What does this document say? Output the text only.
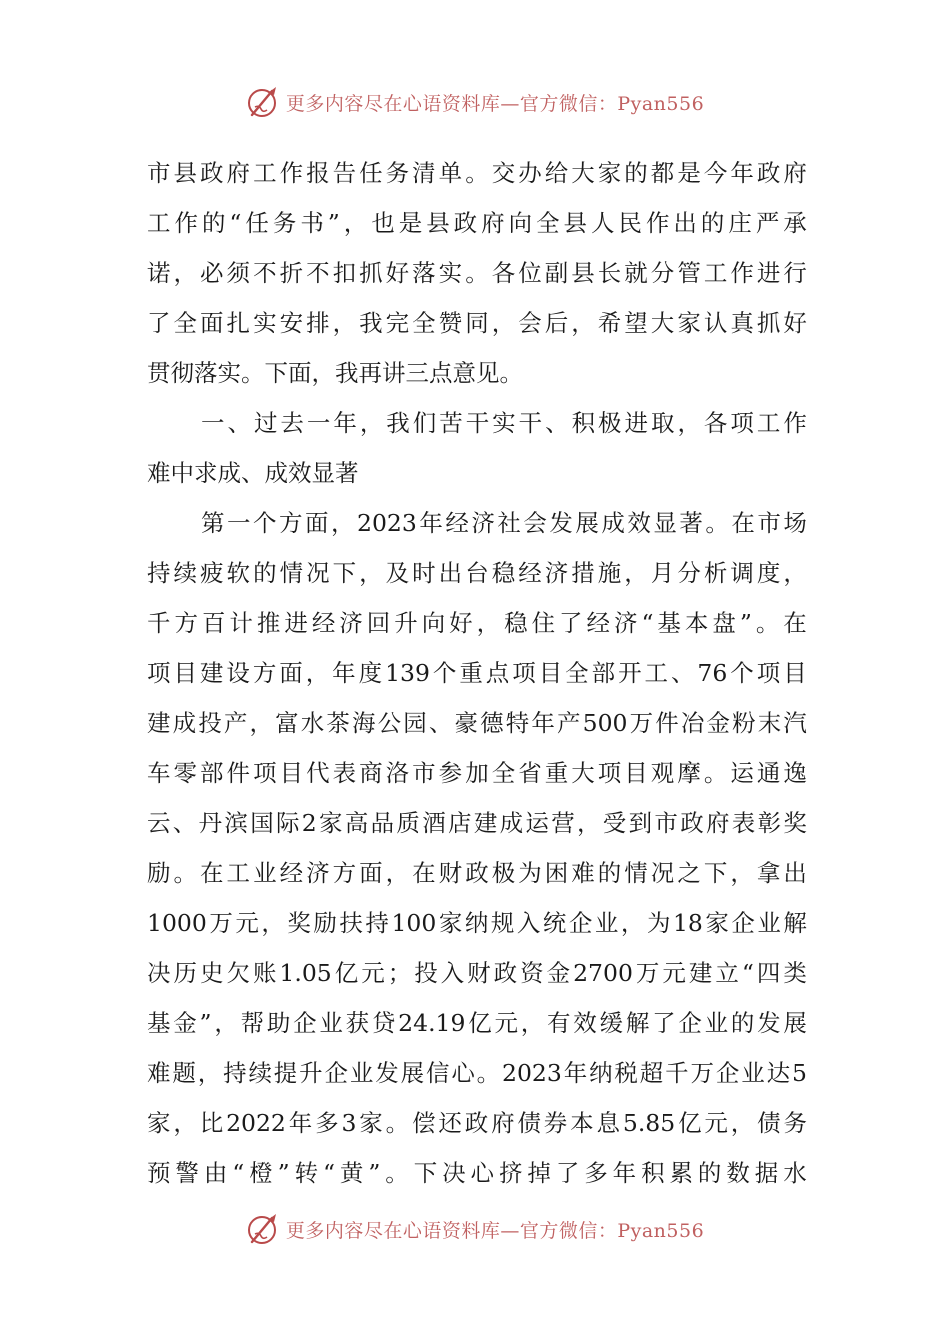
更多内容尽在心语资料库—官方微信：Pyan556
市 县 政 府 工 作 报 告 任 务 清 单 。 交 办 给 大 家 的 都 是 今 年 政 府
工 作 的 “ 任 务 书 ” ， 也 是 县 政 府 向 全 县 人 民 作 出 的 庄 严 承
诺 ， 必 须 不 折 不 扣 抓 好 落 实 。 各 位 副 县 长 就 分 管 工 作 进 行
了 全 面 扎 实 安 排 ， 我 完 全 赞 同 ， 会 后 ， 希 望 大 家 认 真 抓 好
贯彻落实。下面，我再讲三点意见。
一 、 过 去 一 年 ， 我 们 苦 干 实 干 、 积 极 进 取 ， 各 项 工 作
难中求成、成效显著
第 一 个 方 面 ， 2023 年 经 济 社 会 发 展 成 效 显 著 。 在 市 场
持 续 疲 软 的 情 况 下 ， 及 时 出 台 稳 经 济 措 施 ， 月 分 析 调 度 ，
千 方 百 计 推 进 经 济 回 升 向 好 ， 稳 住 了 经 济 “ 基 本 盘 ” 。 在
项 目 建 设 方 面 ， 年 度 139 个 重 点 项 目 全 部 开 工 、 76 个 项 目
建 成 投 产 ， 富 水 茶 海 公 园 、 豪 德 特 年 产 500 万 件 冶 金 粉 末 汽
车 零 部 件 项 目 代 表 商 洛 市 参 加 全 省 重 大 项 目 观 摩 。 运 通 逸
云 、 丹 滨 国 际 2 家 高 品 质 酒 店 建 成 运 营 ， 受 到 市 政 府 表 彰 奖
励 。 在 工 业 经 济 方 面 ， 在 财 政 极 为 困 难 的 情 况 之 下 ， 拿 出
1000 万 元 ， 奖 励 扶 持 100 家 纳 规 入 统 企 业 ， 为 18 家 企 业 解
决 历 史 欠 账 1.05 亿 元 ； 投 入 财 政 资 金 2700 万 元 建 立 “ 四 类
基 金 ” ， 帮 助 企 业 获 贷 24.19 亿 元 ， 有 效 缓 解 了 企 业 的 发 展
难 题 ， 持 续 提 升 企 业 发 展 信 心 。 2023 年 纳 税 超 千 万 企 业 达 5
家 ， 比 2022 年 多 3 家 。 偿 还 政 府 债 券 本 息 5.85 亿 元 ， 债 务
预 警 由 “ 橙 ” 转 “ 黄 ” 。 下 决 心 挤 掉 了 多 年 积 累 的 数 据 水
更多内容尽在心语资料库—官方微信：Pyan556
